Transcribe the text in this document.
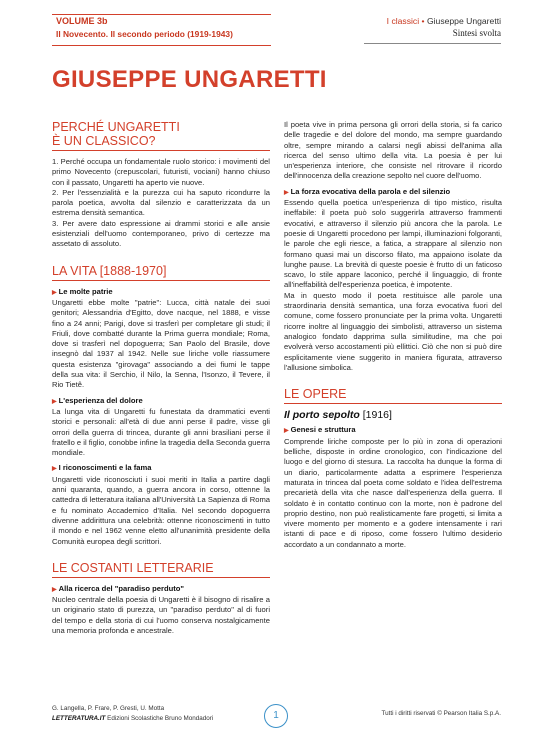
VOLUME 3b
Il Novecento. Il secondo periodo (1919-1943)
I classici • Giuseppe Ungaretti
Sintesi svolta
GIUSEPPE UNGARETTI
PERCHÉ UNGARETTI
È UN CLASSICO?

1. Perché occupa un fondamentale ruolo storico: i movimenti del primo Novecento (crepuscolari, futuristi, vociani) hanno chiuso con il passato, Ungaretti ha aperto vie nuove.

2. Per l'essenzialità e la purezza cui ha saputo ricondurre la parola poetica, avvolta dal silenzio e caratterizzata da un estrema densità semantica.

3. Per avere dato espressione ai drammi storici e alle ansie esistenziali dell'uomo contemporaneo, privo di certezze ma assetato di assoluto.

LA VITA [1888-1970]

▶ Le molte patrie

Ungaretti ebbe molte "patrie": Lucca, città natale dei suoi genitori; Alessandria d'Egitto, dove nacque, nel 1888, e visse fino a 24 anni; Parigi, dove si trasferì per completare gli studi; il Friuli, dove combatté durante la Prima guerra mondiale; Roma, dove si trasferì nel dopoguerra; San Paolo del Brasile, dove insegnò dal 1937 al 1942. Nelle sue liriche volle riassumere questa esistenza "girovaga" associando a dei fiumi le tappe della sua vita: il Serchio, il Nilo, la Senna, l'Isonzo, il Tevere, il Rio Tietê.

▶ L'esperienza del dolore

La lunga vita di Ungaretti fu funestata da drammatici eventi storici e personali: all'età di due anni perse il padre, visse gli orrori della guerra di trincea, durante gli anni brasiliani perse il fratello e il figlio, conobbe infine la tragedia della Seconda guerra mondiale.

▶ I riconoscimenti e la fama

Ungaretti vide riconosciuti i suoi meriti in Italia a partire dagli anni quaranta, quando, a guerra ancora in corso, ottenne la cattedra di letteratura italiana all'Università La Sapienza di Roma e fu nominato Accademico d'Italia. Nel secondo dopoguerra divenne addirittura una celebrità: ottenne riconoscimenti in tutto il mondo e nel 1962 venne eletto all'unanimità presidente della Comunità europea degli scrittori.

LE COSTANTI LETTERARIE

▶ Alla ricerca del "paradiso perduto"

Nucleo centrale della poesia di Ungaretti è il bisogno di risalire a un originario stato di purezza, un "paradiso perduto" al di fuori del tempo e della storia di cui l'uomo conserva nostalgicamente una memoria profonda e ancestrale.

Il poeta vive in prima persona gli orrori della storia, si fa carico delle tragedie e del dolore del mondo, ma sempre guardando oltre, sempre mirando a calarsi negli abissi dell'anima alla ricerca del senso ultimo della vita. La poesia è per lui un'esperienza interiore, che consiste nel ritrovare il ricordo dell'innocenza della creazione sepolto nel cuore dell'uomo.

▶ La forza evocativa della parola e del silenzio

Essendo quella poetica un'esperienza di tipo mistico, risulta ineffabile: il poeta può solo suggerirla attraverso frammenti evocativi, e attraverso il silenzio più ancora che la parola. Le poesie di Ungaretti procedono per lampi, illuminazioni folgoranti, le parole che egli riesce, a fatica, a strappare al silenzio non formano quasi mai un discorso filato, ma appaiono isolate da lunghe pause. La brevità di queste poesie è frutto di un faticoso scavo, lo stile appare laconico, perché il linguaggio, di fronte all'ineffabilità dell'esperienza poetica, è impotente.

Ma in questo modo il poeta restituisce alle parole una straordinaria densità semantica, una forza evocativa fuori del comune, come fossero pronunciate per la prima volta. Ungaretti ricorre inoltre al linguaggio dei simbolisti, attraverso un sistema analogico fondato dapprima sulla similitudine, ma che poi evolverà verso accostamenti più ellittici. Ciò che non si può dire esplicitamente viene suggerito in maniera figurata, attraverso l'allusione simbolica.

LE OPERE

Il porto sepolto [1916]

▶ Genesi e struttura

Comprende liriche composte per lo più in zona di operazioni belliche, disposte in ordine cronologico, con l'indicazione del luogo e del giorno di stesura. La raccolta ha dunque la forma di un diario, particolarmente adatta a esprimere l'esperienza maturata in trincea dal poeta come soldato e l'idea dell'estrema precarietà della vita che nasce dall'esperienza della guerra. Il soldato è in contatto continuo con la morte, non è padrone del proprio destino, non può realisticamente fare progetti, si limita a vivere momento per momento e a godere intensamente i rari istanti di pace e di riposo, come fossero l'ultimo desiderio accordato a un condannato a morte.

G. Langella, P. Frare, P. Gresti, U. Motta
LETTERATURA.IT Edizioni Scolastiche Bruno Mondadori	1	Tutti i diritti riservati © Pearson Italia S.p.A.
